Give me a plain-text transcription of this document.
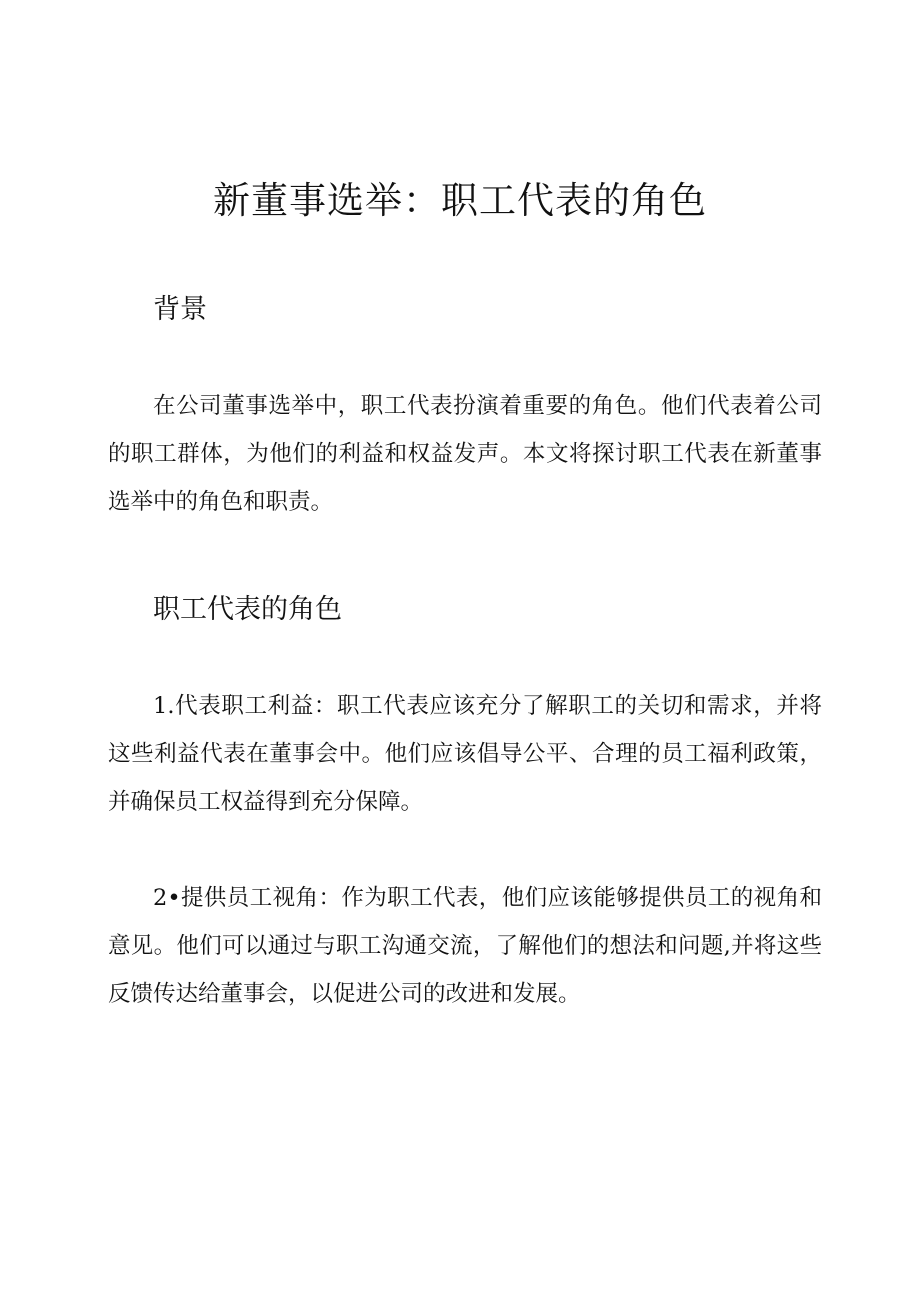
新董事选举：职工代表的角色
背景

在公司董事选举中，职工代表扮演着重要的角色。他们代表着公司的职工群体，为他们的利益和权益发声。本文将探讨职工代表在新董事选举中的角色和职责。

职工代表的角色

1.代表职工利益：职工代表应该充分了解职工的关切和需求，并将这些利益代表在董事会中。他们应该倡导公平、合理的员工福利政策，并确保员工权益得到充分保障。

2•提供员工视角：作为职工代表，他们应该能够提供员工的视角和意见。他们可以通过与职工沟通交流，了解他们的想法和问题,并将这些反馈传达给董事会，以促进公司的改进和发展。
